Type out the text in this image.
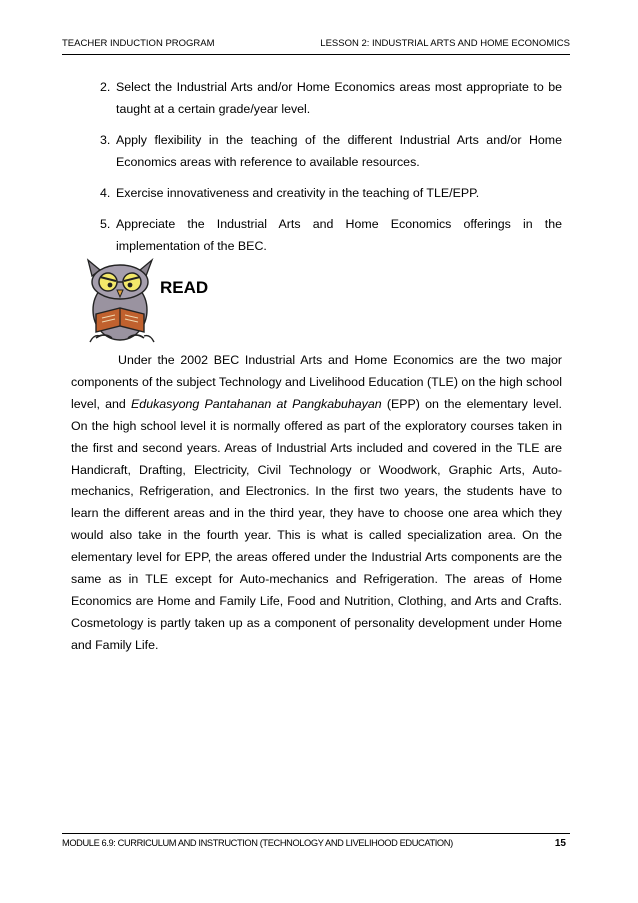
TEACHER INDUCTION PROGRAM	LESSON 2: INDUSTRIAL ARTS AND HOME ECONOMICS
2. Select the Industrial Arts and/or Home Economics areas most appropriate to be taught at a certain grade/year level.
3. Apply flexibility in the teaching of the different Industrial Arts and/or Home Economics areas with reference to available resources.
4. Exercise innovativeness and creativity in the teaching of TLE/EPP.
5. Appreciate the Industrial Arts and Home Economics offerings in the implementation of the BEC.
READ

Under the 2002 BEC Industrial Arts and Home Economics are the two major components of the subject Technology and Livelihood Education (TLE) on the high school level, and Edukasyong Pantahanan at Pangkabuhayan (EPP) on the elementary level. On the high school level it is normally offered as part of the exploratory courses taken in the first and second years. Areas of Industrial Arts included and covered in the TLE are Handicraft, Drafting, Electricity, Civil Technology or Woodwork, Graphic Arts, Auto-mechanics, Refrigeration, and Electronics. In the first two years, the students have to learn the different areas and in the third year, they have to choose one area which they would also take in the fourth year. This is what is called specialization area. On the elementary level for EPP, the areas offered under the Industrial Arts components are the same as in TLE except for Auto-mechanics and Refrigeration. The areas of Home Economics are Home and Family Life, Food and Nutrition, Clothing, and Arts and Crafts. Cosmetology is partly taken up as a component of personality development under Home and Family Life.

MODULE 6.9: CURRICULUM AND INSTRUCTION (TECHNOLOGY AND LIVELIHOOD EDUCATION)	15
